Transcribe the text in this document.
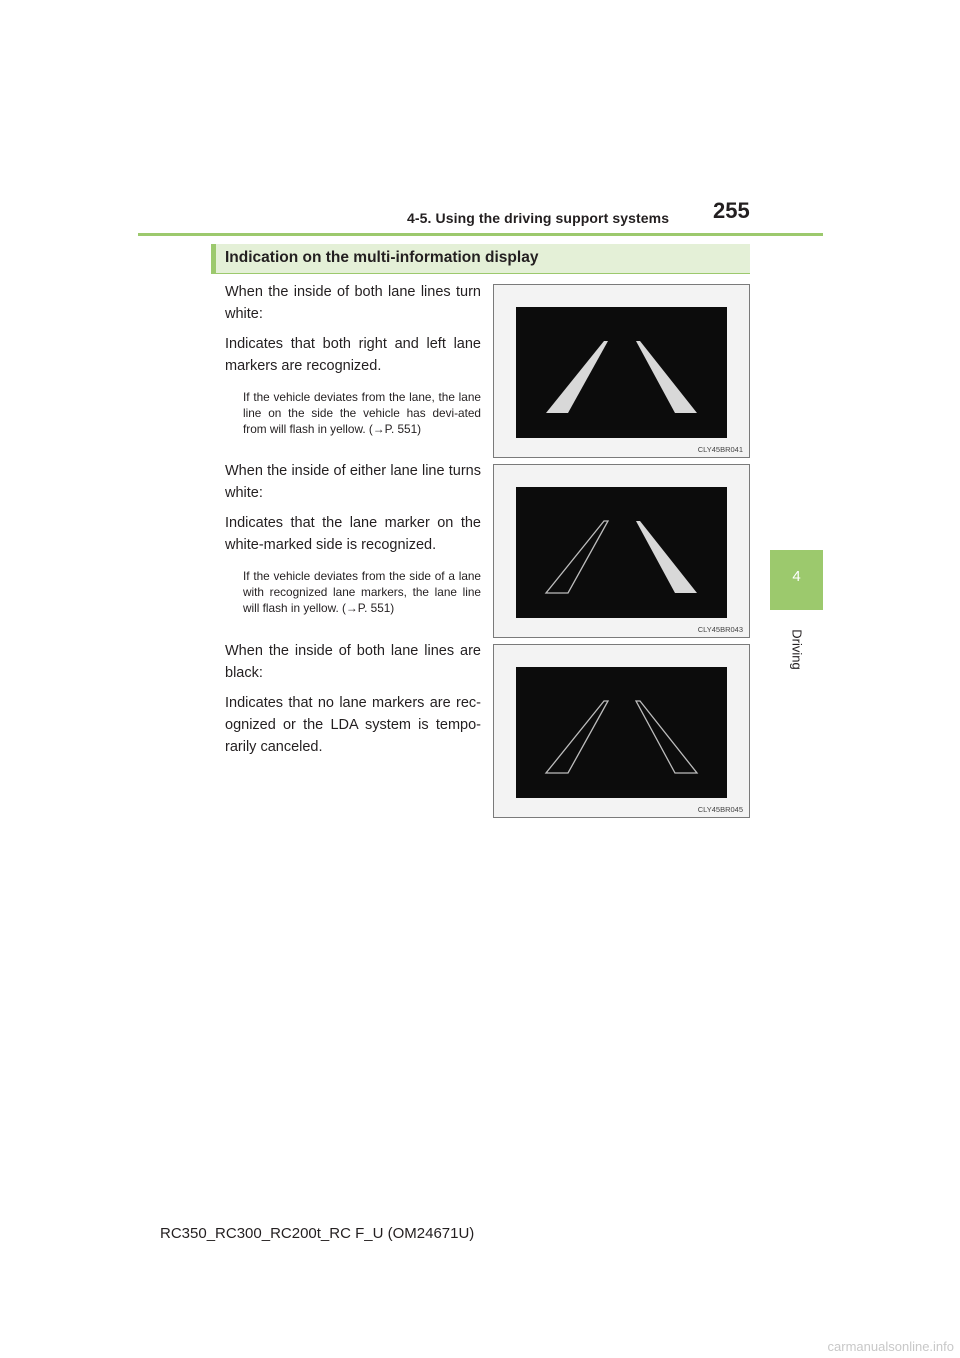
4-5. Using the driving support systems 255
4
Driving
Indication on the multi-information display

When the inside of both lane lines turn white:

Indicates that both right and left lane markers are recognized.

If the vehicle deviates from the lane, the lane line on the side the vehicle has devi-ated from will flash in yellow. (→P. 551)

CLY45BR041

When the inside of either lane line turns white:

Indicates that the lane marker on the white-marked side is recognized.

If the vehicle deviates from the side of a lane with recognized lane markers, the lane line will flash in yellow. (→P. 551)

CLY45BR043

When the inside of both lane lines are black:

Indicates that no lane markers are rec-ognized or the LDA system is tempo-rarily canceled.

CLY45BR045
RC350_RC300_RC200t_RC F_U (OM24671U)
carmanualsonline.info
